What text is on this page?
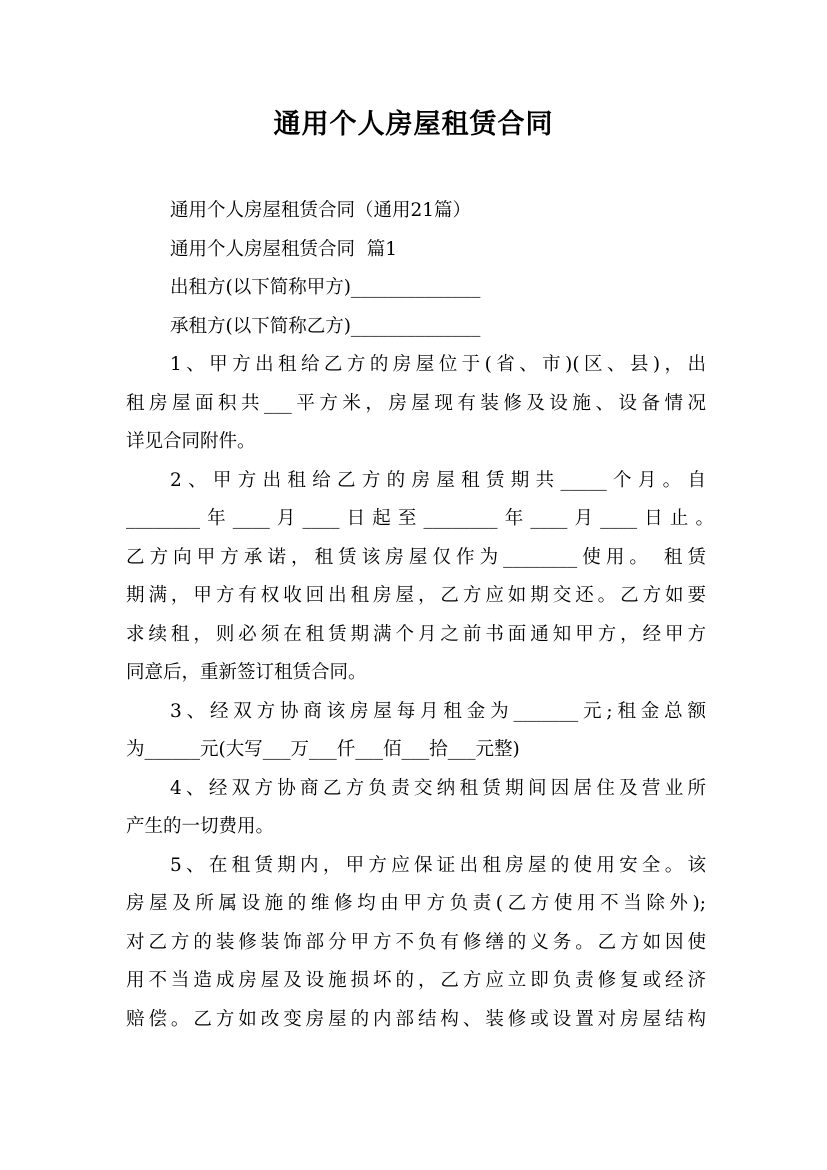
通用个人房屋租赁合同
通用个人房屋租赁合同（通用21篇）
通用个人房屋租赁合同  篇1
出租方(以下简称甲方)______________
承租方(以下简称乙方)______________
1、甲方出租给乙方的房屋位于(省、市)(区、县)，出
租房屋面积共___平方米，房屋现有装修及设施、设备情况
详见合同附件。
2、甲方出租给乙方的房屋租赁期共_____个月。自
________年____月____日起至________年____月____日止。
乙方向甲方承诺，租赁该房屋仅作为________使用。 租赁
期满，甲方有权收回出租房屋，乙方应如期交还。乙方如要
求续租，则必须在租赁期满个月之前书面通知甲方，经甲方
同意后，重新签订租赁合同。
3、经双方协商该房屋每月租金为_______元;租金总额
为______元(大写___万___仟___佰___拾___元整)
4、经双方协商乙方负责交纳租赁期间因居住及营业所
产生的一切费用。
5、在租赁期内，甲方应保证出租房屋的使用安全。该
房屋及所属设施的维修均由甲方负责(乙方使用不当除外);
对乙方的装修装饰部分甲方不负有修缮的义务。乙方如因使
用不当造成房屋及设施损坏的，乙方应立即负责修复或经济
赔偿。乙方如改变房屋的内部结构、装修或设置对房屋结构
